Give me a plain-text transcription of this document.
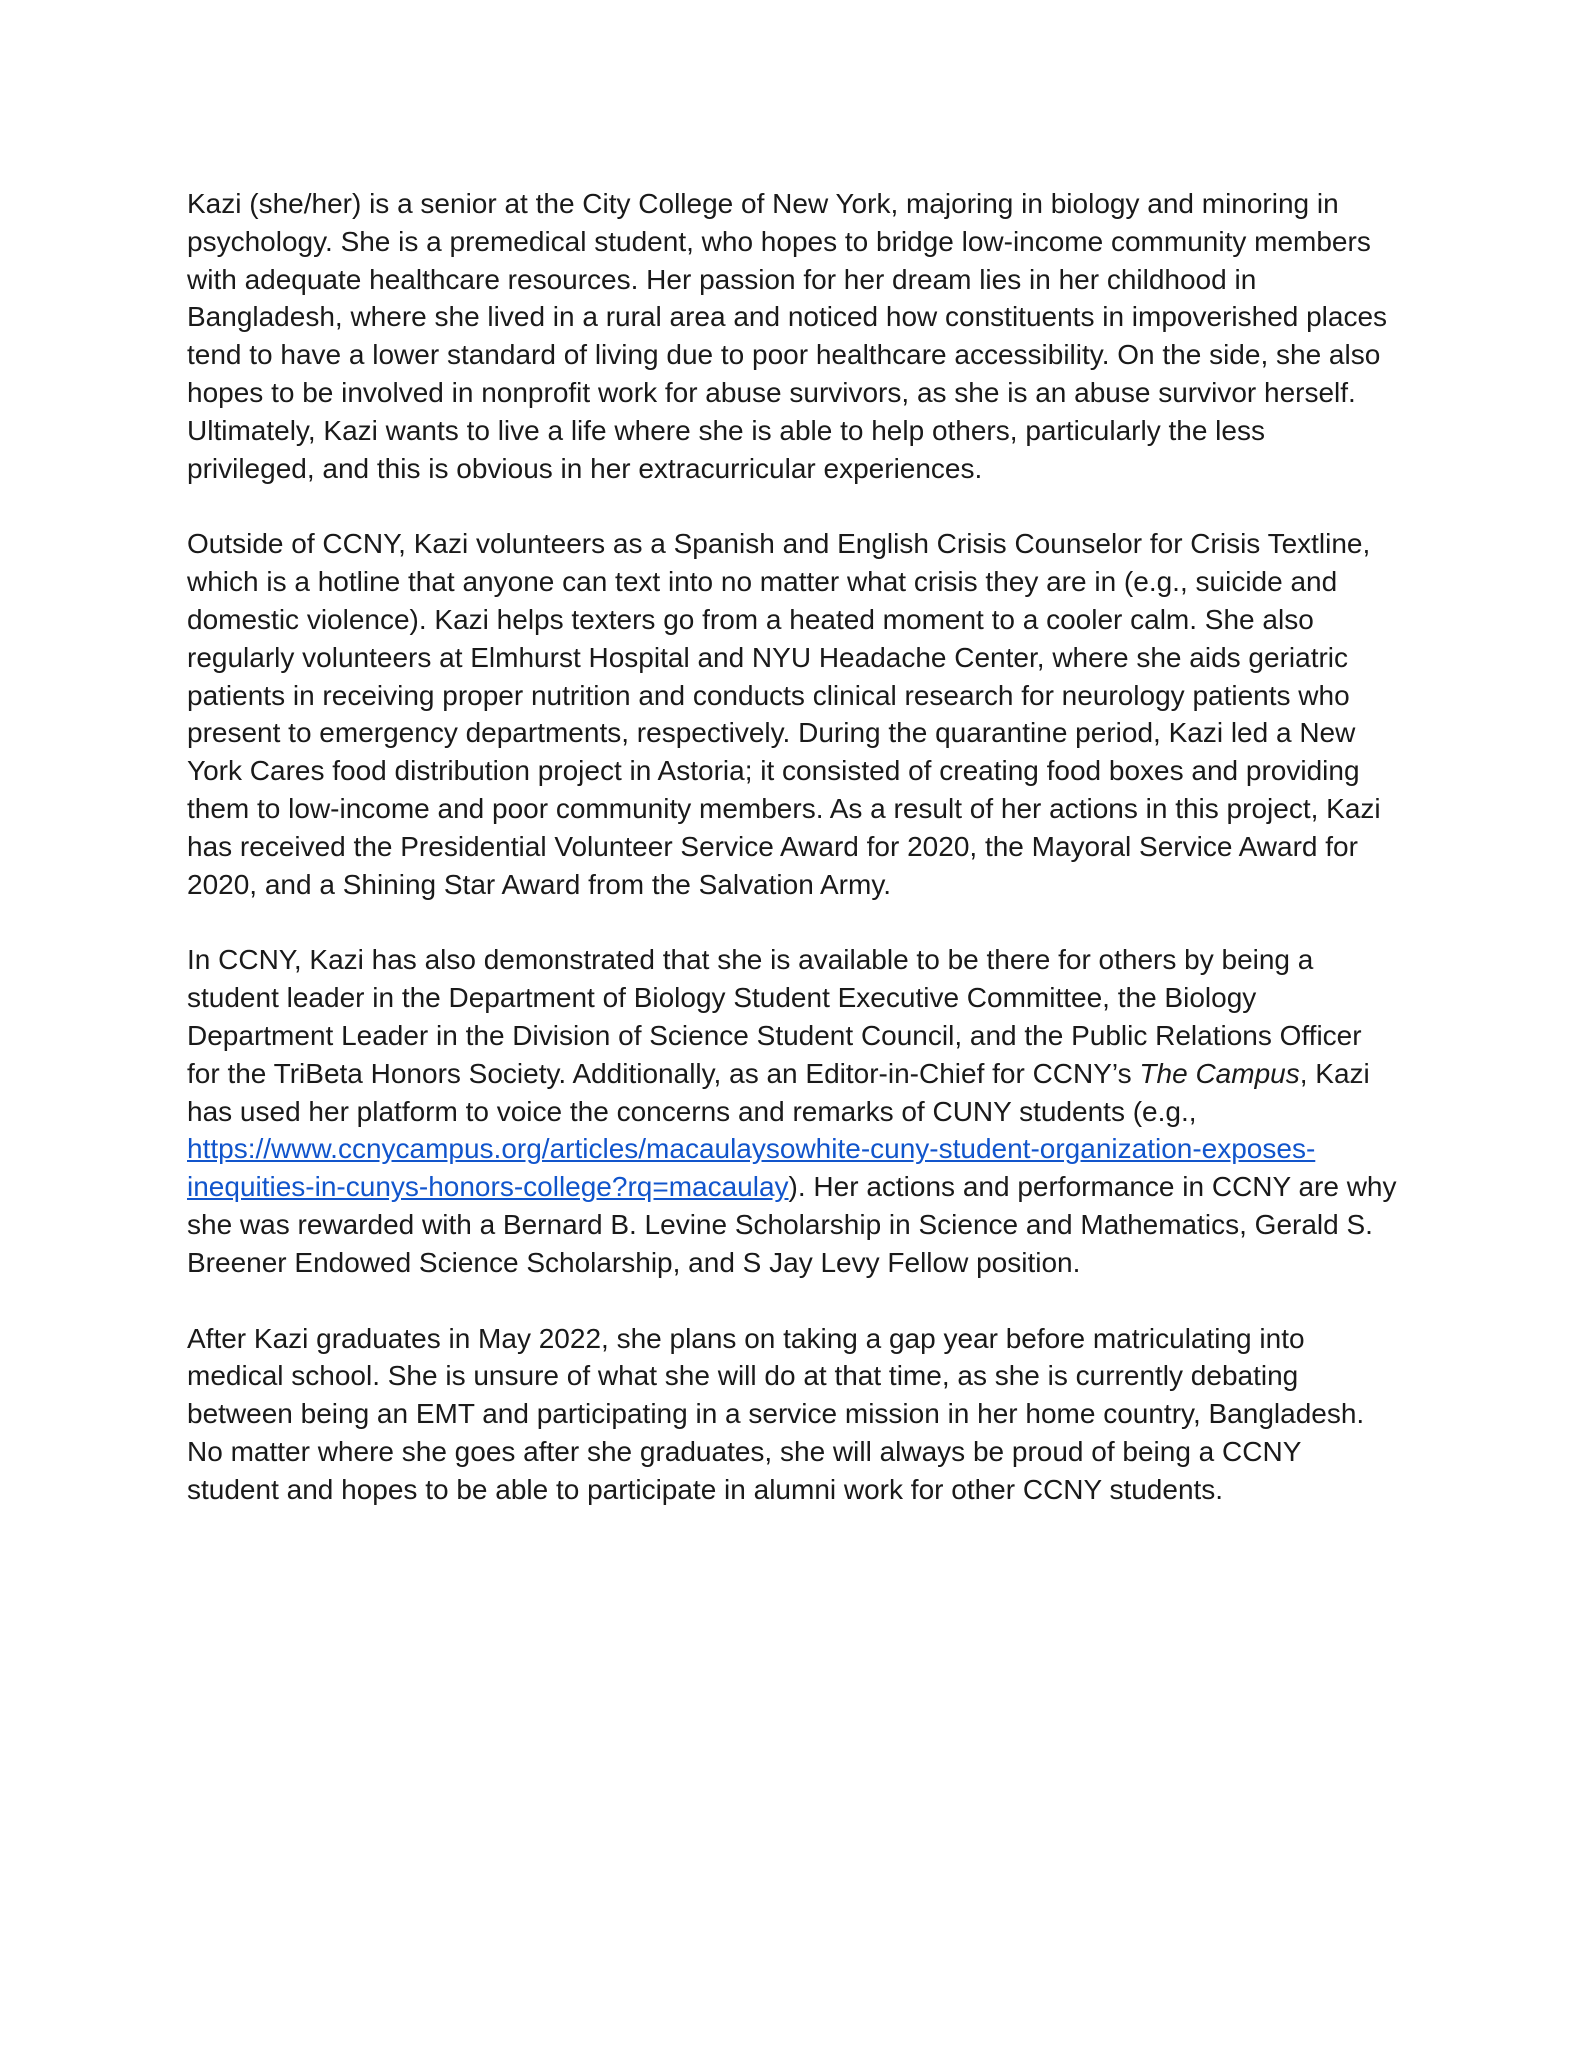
Kazi (she/her) is a senior at the City College of New York, majoring in biology and minoring in psychology. She is a premedical student, who hopes to bridge low-income community members with adequate healthcare resources. Her passion for her dream lies in her childhood in Bangladesh, where she lived in a rural area and noticed how constituents in impoverished places tend to have a lower standard of living due to poor healthcare accessibility. On the side, she also hopes to be involved in nonprofit work for abuse survivors, as she is an abuse survivor herself. Ultimately, Kazi wants to live a life where she is able to help others, particularly the less privileged, and this is obvious in her extracurricular experiences.

Outside of CCNY, Kazi volunteers as a Spanish and English Crisis Counselor for Crisis Textline, which is a hotline that anyone can text into no matter what crisis they are in (e.g., suicide and domestic violence). Kazi helps texters go from a heated moment to a cooler calm. She also regularly volunteers at Elmhurst Hospital and NYU Headache Center, where she aids geriatric patients in receiving proper nutrition and conducts clinical research for neurology patients who present to emergency departments, respectively. During the quarantine period, Kazi led a New York Cares food distribution project in Astoria; it consisted of creating food boxes and providing them to low-income and poor community members. As a result of her actions in this project, Kazi has received the Presidential Volunteer Service Award for 2020, the Mayoral Service Award for 2020, and a Shining Star Award from the Salvation Army.

In CCNY, Kazi has also demonstrated that she is available to be there for others by being a student leader in the Department of Biology Student Executive Committee, the Biology Department Leader in the Division of Science Student Council, and the Public Relations Officer for the TriBeta Honors Society. Additionally, as an Editor-in-Chief for CCNY’s The Campus, Kazi has used her platform to voice the concerns and remarks of CUNY students (e.g., https://www.ccnycampus.org/articles/macaulaysowhite-cuny-student-organization-exposes-inequities-in-cunys-honors-college?rq=macaulay). Her actions and performance in CCNY are why she was rewarded with a Bernard B. Levine Scholarship in Science and Mathematics, Gerald S. Breener Endowed Science Scholarship, and S Jay Levy Fellow position.

After Kazi graduates in May 2022, she plans on taking a gap year before matriculating into medical school. She is unsure of what she will do at that time, as she is currently debating between being an EMT and participating in a service mission in her home country, Bangladesh. No matter where she goes after she graduates, she will always be proud of being a CCNY student and hopes to be able to participate in alumni work for other CCNY students.
